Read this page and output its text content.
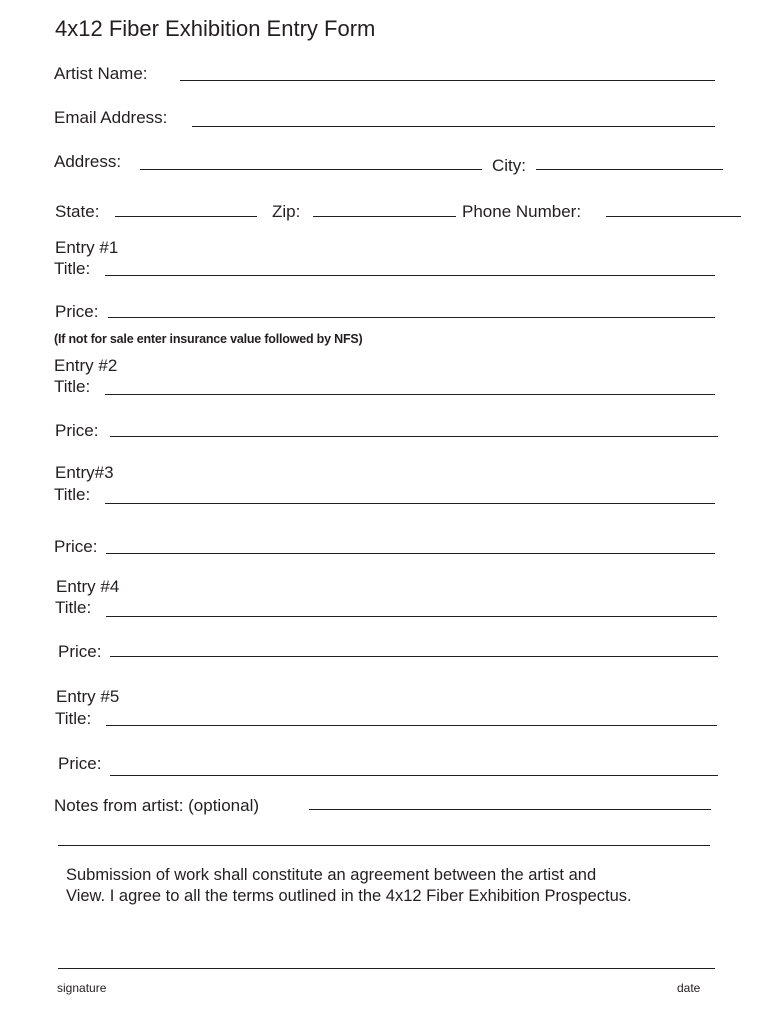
4x12 Fiber Exhibition Entry Form
Artist Name:
Email Address:
Address:	City:
State:	Zip:	Phone Number:
Entry #1
Title:
Price:
(If not for sale enter insurance value followed by NFS)
Entry #2
Title:
Price:
Entry#3
Title:
Price:
Entry #4
Title:
Price:
Entry #5
Title:
Price:
Notes from artist: (optional)
Submission of work shall constitute an agreement between the artist and
View. I agree to all the terms outlined in the 4x12 Fiber Exhibition Prospectus.
signature	date
